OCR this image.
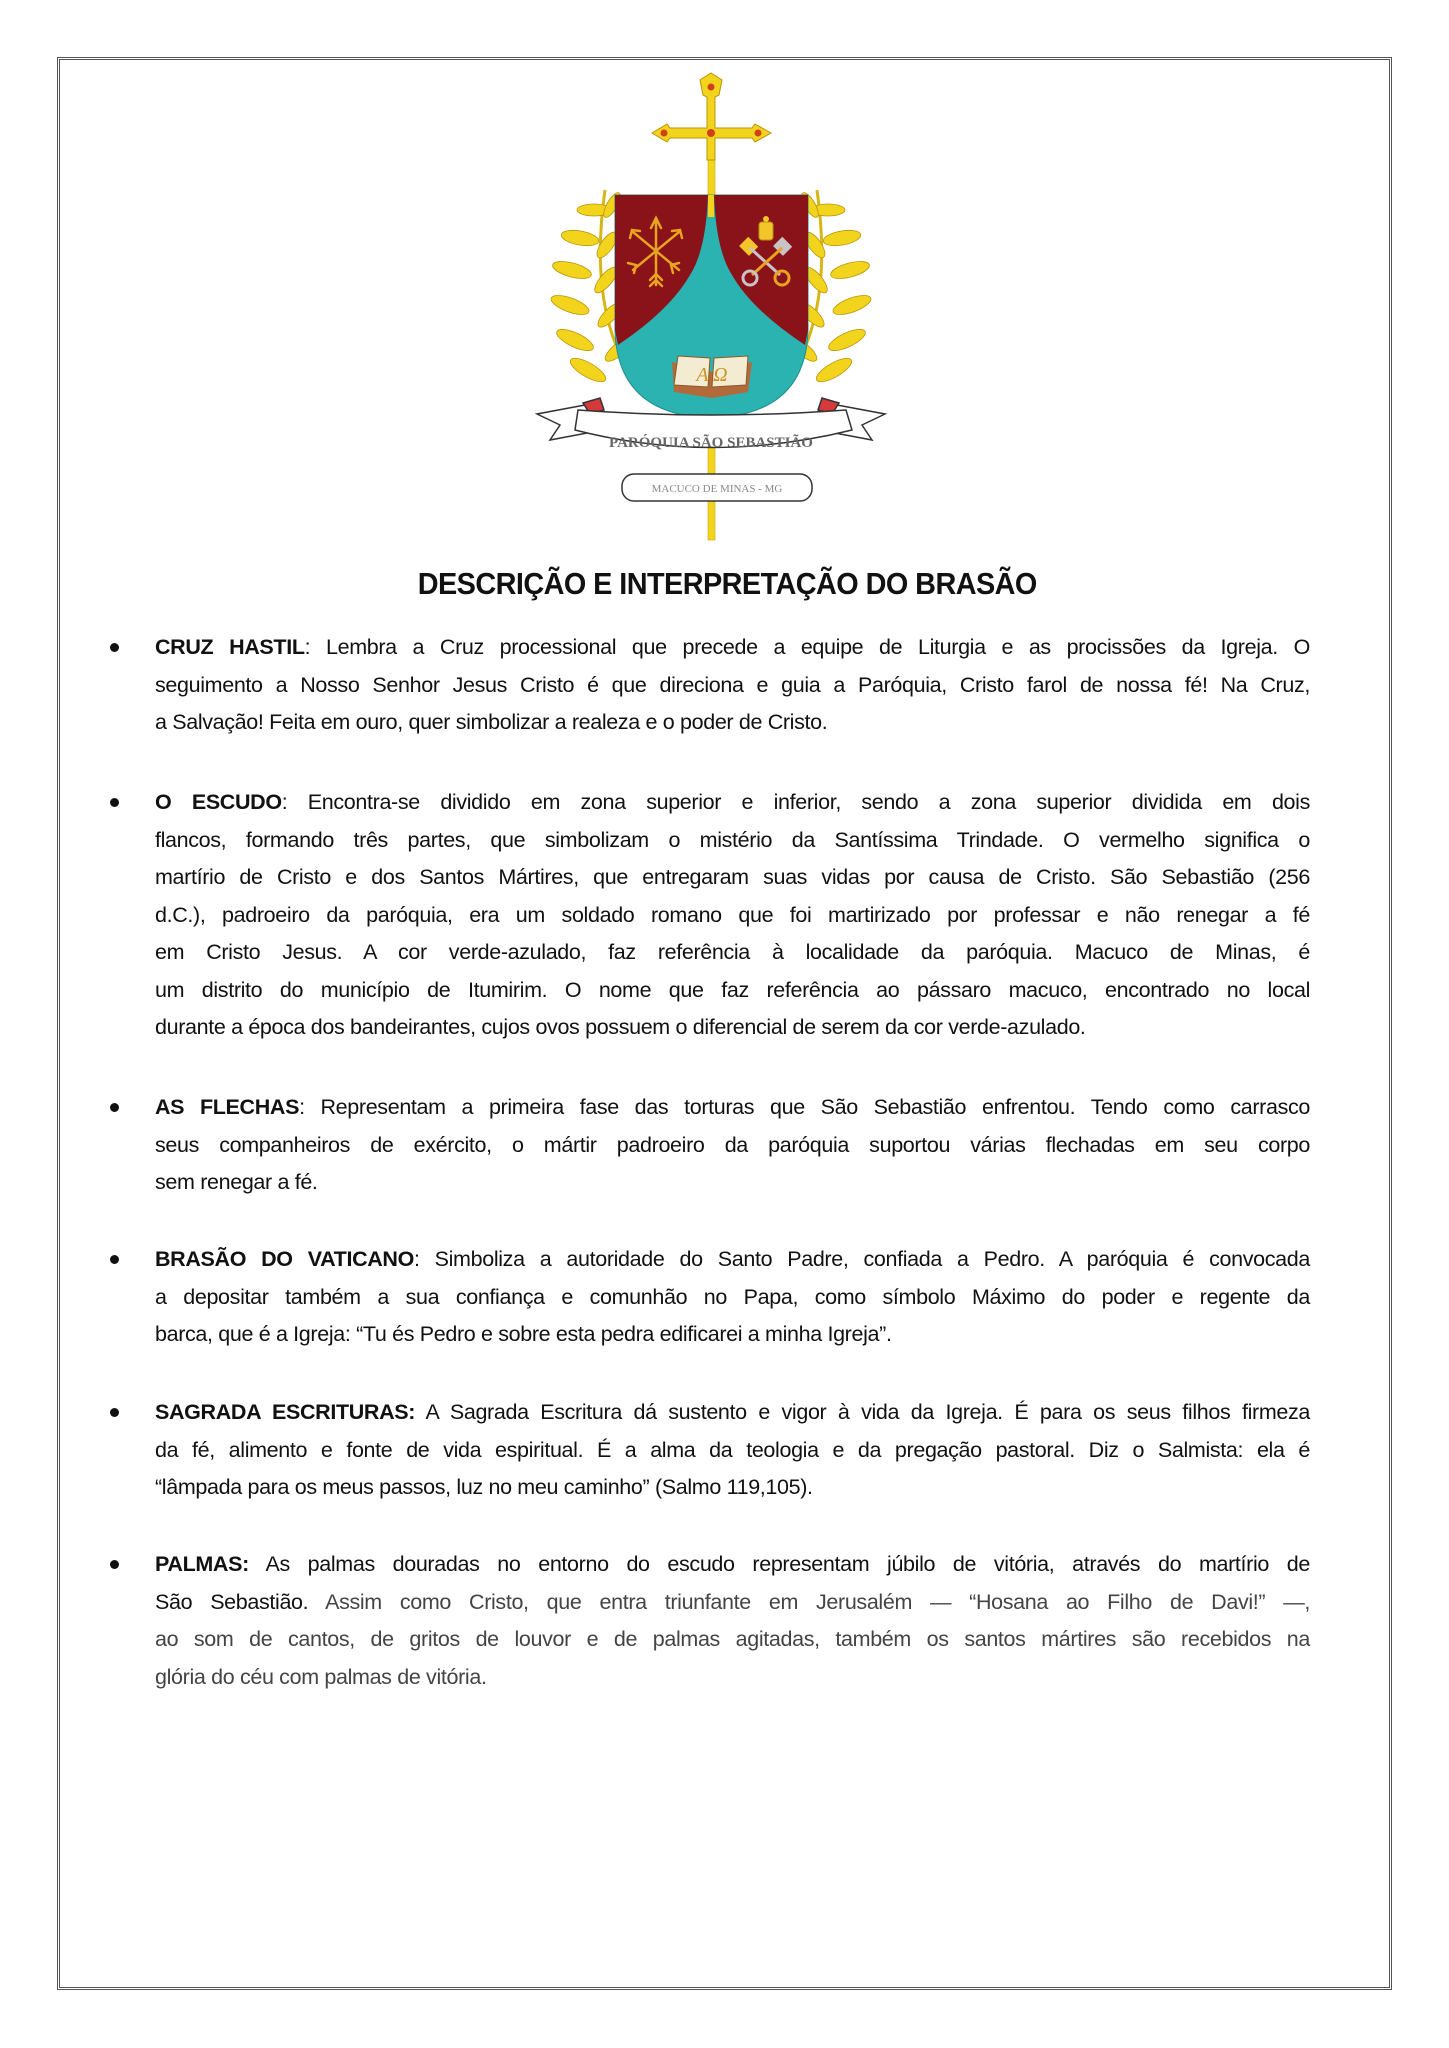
A Ω
PARÓQUIA SÃO SEBASTIÃO
MACUCO DE MINAS - MG
DESCRIÇÃO E INTERPRETAÇÃO DO BRASÃO
CRUZ HASTIL: Lembra a Cruz processional que precede a equipe de Liturgia e as procissões da Igreja. O
seguimento a Nosso Senhor Jesus Cristo é que direciona e guia a Paróquia, Cristo farol de nossa fé! Na Cruz,
a Salvação! Feita em ouro, quer simbolizar a realeza e o poder de Cristo.
O ESCUDO: Encontra-se dividido em zona superior e inferior, sendo a zona superior dividida em dois
flancos, formando três partes, que simbolizam o mistério da Santíssima Trindade. O vermelho significa o
martírio de Cristo e dos Santos Mártires, que entregaram suas vidas por causa de Cristo. São Sebastião (256
d.C.), padroeiro da paróquia, era um soldado romano que foi martirizado por professar e não renegar a fé
em Cristo Jesus. A cor verde-azulado, faz referência à localidade da paróquia. Macuco de Minas, é
um distrito do município de Itumirim. O nome que faz referência ao pássaro macuco, encontrado no local
durante a época dos bandeirantes, cujos ovos possuem o diferencial de serem da cor verde-azulado.
AS FLECHAS: Representam a primeira fase das torturas que São Sebastião enfrentou. Tendo como carrasco
seus companheiros de exército, o mártir padroeiro da paróquia suportou várias flechadas em seu corpo
sem renegar a fé.
BRASÃO DO VATICANO: Simboliza a autoridade do Santo Padre, confiada a Pedro. A paróquia é convocada
a depositar também a sua confiança e comunhão no Papa, como símbolo Máximo do poder e regente da
barca, que é a Igreja: “Tu és Pedro e sobre esta pedra edificarei a minha Igreja”.
SAGRADA ESCRITURAS: A Sagrada Escritura dá sustento e vigor à vida da Igreja. É para os seus filhos firmeza
da fé, alimento e fonte de vida espiritual. É a alma da teologia e da pregação pastoral. Diz o Salmista: ela é
“lâmpada para os meus passos, luz no meu caminho” (Salmo 119,105).
PALMAS: As palmas douradas no entorno do escudo representam júbilo de vitória, através do martírio de
São Sebastião. Assim como Cristo, que entra triunfante em Jerusalém — “Hosana ao Filho de Davi!” —,
ao som de cantos, de gritos de louvor e de palmas agitadas, também os santos mártires são recebidos na
glória do céu com palmas de vitória.
